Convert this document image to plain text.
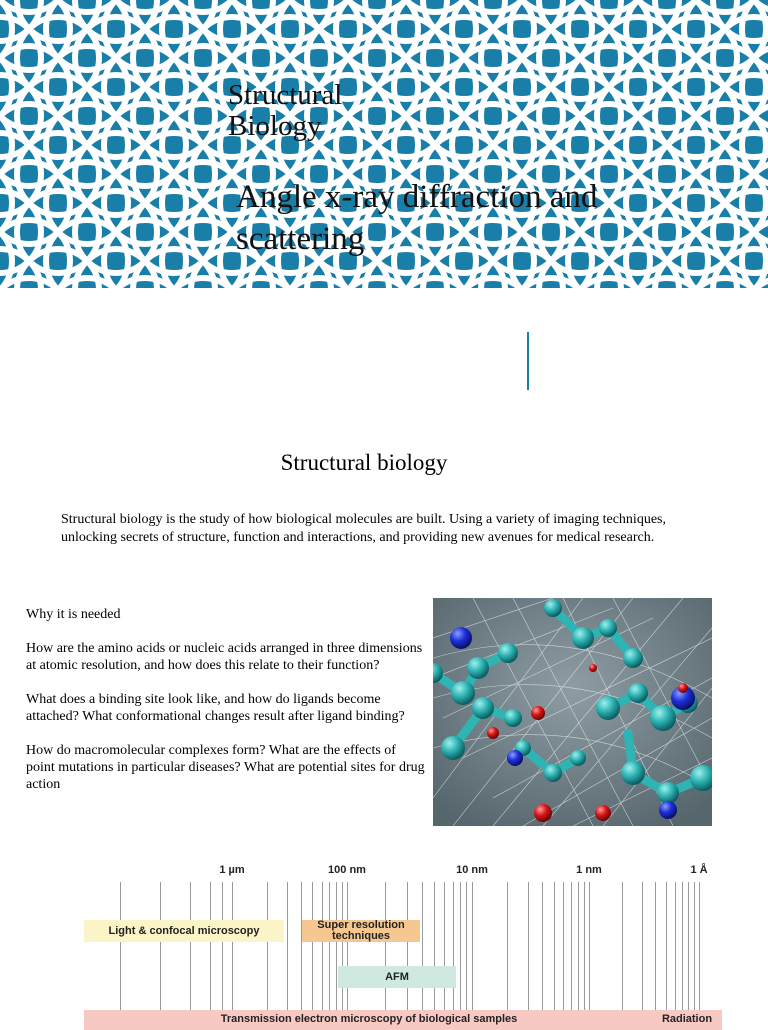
Structural Biology
Angle x-ray diffraction and scattering
Structural biology
Structural biology is the study of how biological molecules are built. Using a variety of imaging techniques, unlocking secrets of structure, function and interactions, and providing new avenues for medical research.

Why it is needed

How are the amino acids or nucleic acids arranged in three dimensions at atomic resolution, and how does this relate to their function?

What does a binding site look like, and how do ligands become attached? What conformational changes result after ligand binding?

How do macromolecular complexes form? What are the effects of point mutations in particular diseases? What are potential sites for drug action

1 µm	100 nm	10 nm	1 nm	1 Å
Light & confocal microscopy	Super resolution
techniques
AFM
Transmission electron microscopy of biological samples	Radiation
